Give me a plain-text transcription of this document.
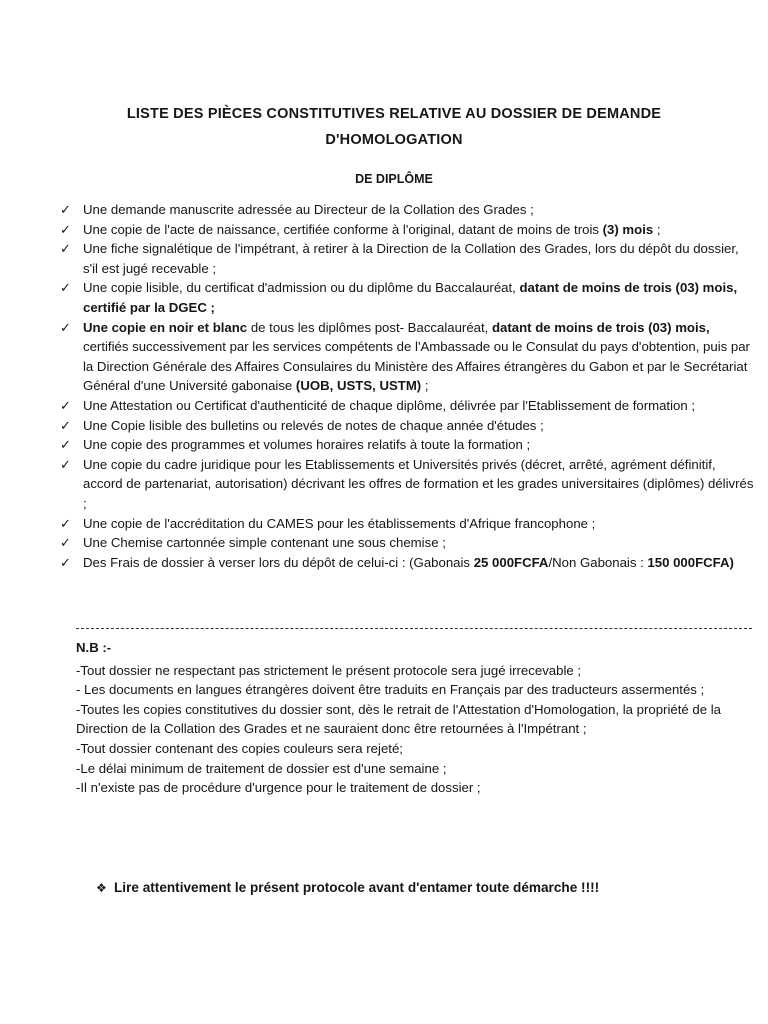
LISTE DES PIÈCES CONSTITUTIVES RELATIVE AU DOSSIER DE DEMANDE
D'HOMOLOGATION
DE DIPLÔME
✓ Une demande manuscrite adressée au Directeur de la Collation des Grades ;
✓ Une copie de l'acte de naissance, certifiée conforme à l'original, datant de moins de trois (3) mois ;
✓ Une fiche signalétique de l'impétrant, à retirer à la Direction de la Collation des Grades, lors du dépôt du dossier, s'il est jugé recevable ;
✓ Une copie lisible, du certificat d'admission ou du diplôme du Baccalauréat, datant de moins de trois (03) mois, certifié par la DGEC ;
✓ Une copie en noir et blanc de tous les diplômes post- Baccalauréat, datant de moins de trois (03) mois, certifiés successivement par les services compétents de l'Ambassade ou le Consulat du pays d'obtention, puis par la Direction Générale des Affaires Consulaires du Ministère des Affaires étrangères du Gabon et par le Secrétariat Général d'une Université gabonaise (UOB, USTS, USTM) ;
✓ Une Attestation ou Certificat d'authenticité de chaque diplôme, délivrée par l'Etablissement de formation ;
✓ Une Copie lisible des bulletins ou relevés de notes de chaque année d'études ;
✓ Une copie des programmes et volumes horaires relatifs à toute la formation ;
✓ Une copie du cadre juridique pour les Etablissements et Universités privés (décret, arrêté, agrément définitif, accord de partenariat, autorisation) décrivant les offres de formation et les grades universitaires (diplômes) délivrés ;
✓ Une copie de l'accréditation du CAMES pour les établissements d'Afrique francophone ;
✓ Une Chemise cartonnée simple contenant une sous chemise ;
✓ Des Frais de dossier à verser lors du dépôt de celui-ci : (Gabonais 25 000FCFA/Non Gabonais : 150 000FCFA)

N.B :-

-Tout dossier ne respectant pas strictement le présent protocole sera jugé irrecevable ;

- Les documents en langues étrangères doivent être traduits en Français par des traducteurs assermentés ;

-Toutes les copies constitutives du dossier sont, dès le retrait de l'Attestation d'Homologation, la propriété de la Direction de la Collation des Grades et ne sauraient donc être retournées à l'Impétrant ;

-Tout dossier contenant des copies couleurs sera rejeté;

-Le délai minimum de traitement de dossier est d'une semaine ;

-Il n'existe pas de procédure d'urgence pour le traitement de dossier ;

❖ Lire attentivement le présent protocole avant d'entamer toute démarche !!!!
